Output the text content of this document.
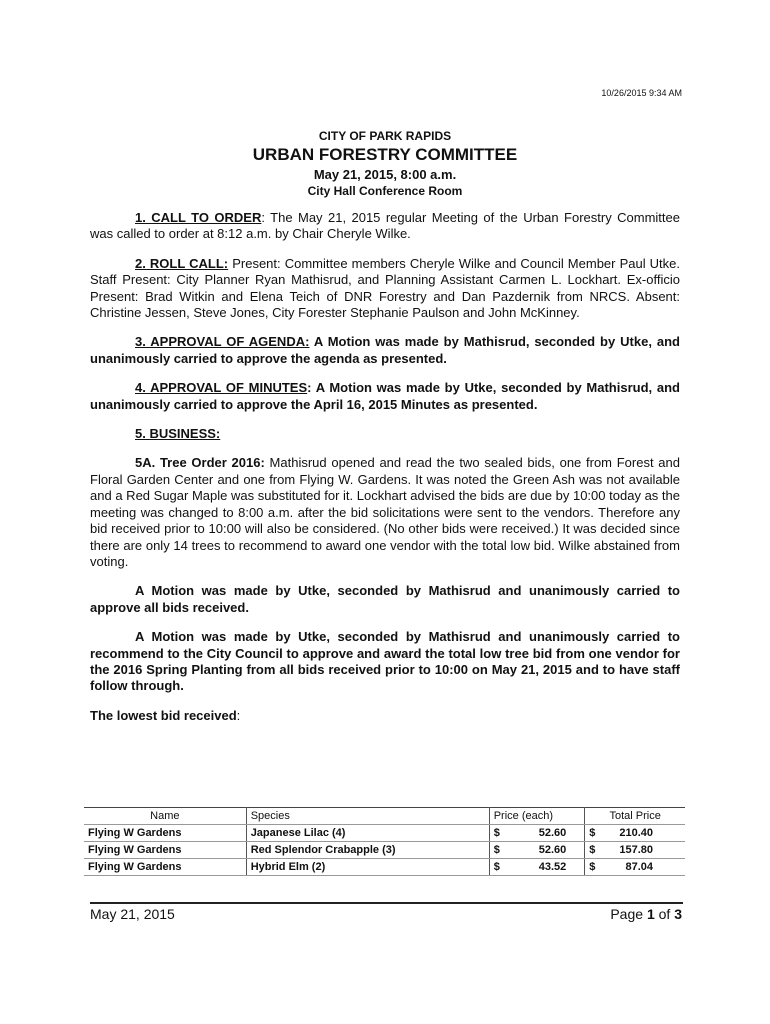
10/26/2015 9:34 AM
CITY OF PARK RAPIDS
URBAN FORESTRY COMMITTEE
May 21, 2015, 8:00 a.m.
City Hall Conference Room

1. CALL TO ORDER: The May 21, 2015 regular Meeting of the Urban Forestry Committee was called to order at 8:12 a.m. by Chair Cheryle Wilke.

2. ROLL CALL: Present: Committee members Cheryle Wilke and Council Member Paul Utke. Staff Present: City Planner Ryan Mathisrud, and Planning Assistant Carmen L. Lockhart. Ex-officio Present: Brad Witkin and Elena Teich of DNR Forestry and Dan Pazdernik from NRCS. Absent: Christine Jessen, Steve Jones, City Forester Stephanie Paulson and John McKinney.

3. APPROVAL OF AGENDA: A Motion was made by Mathisrud, seconded by Utke, and unanimously carried to approve the agenda as presented.

4. APPROVAL OF MINUTES: A Motion was made by Utke, seconded by Mathisrud, and unanimously carried to approve the April 16, 2015 Minutes as presented.

5. BUSINESS:

5A. Tree Order 2016: Mathisrud opened and read the two sealed bids, one from Forest and Floral Garden Center and one from Flying W. Gardens. It was noted the Green Ash was not available and a Red Sugar Maple was substituted for it. Lockhart advised the bids are due by 10:00 today as the meeting was changed to 8:00 a.m. after the bid solicitations were sent to the vendors. Therefore any bid received prior to 10:00 will also be considered. (No other bids were received.) It was decided since there are only 14 trees to recommend to award one vendor with the total low bid. Wilke abstained from voting.

A Motion was made by Utke, seconded by Mathisrud and unanimously carried to approve all bids received.

A Motion was made by Utke, seconded by Mathisrud and unanimously carried to recommend to the City Council to approve and award the total low tree bid from one vendor for the 2016 Spring Planting from all bids received prior to 10:00 on May 21, 2015 and to have staff follow through.

The lowest bid received:
Name	Species	Price (each)	Total Price
Flying W Gardens	Japanese Lilac (4)	$ 52.60	$ 210.40

Flying W Gardens	Red Splendor Crabapple (3)	$ 52.60	$ 157.80

Flying W Gardens	Hybrid Elm (2)	$ 43.52	$ 87.04
May 21, 2015	Page 1 of 3
